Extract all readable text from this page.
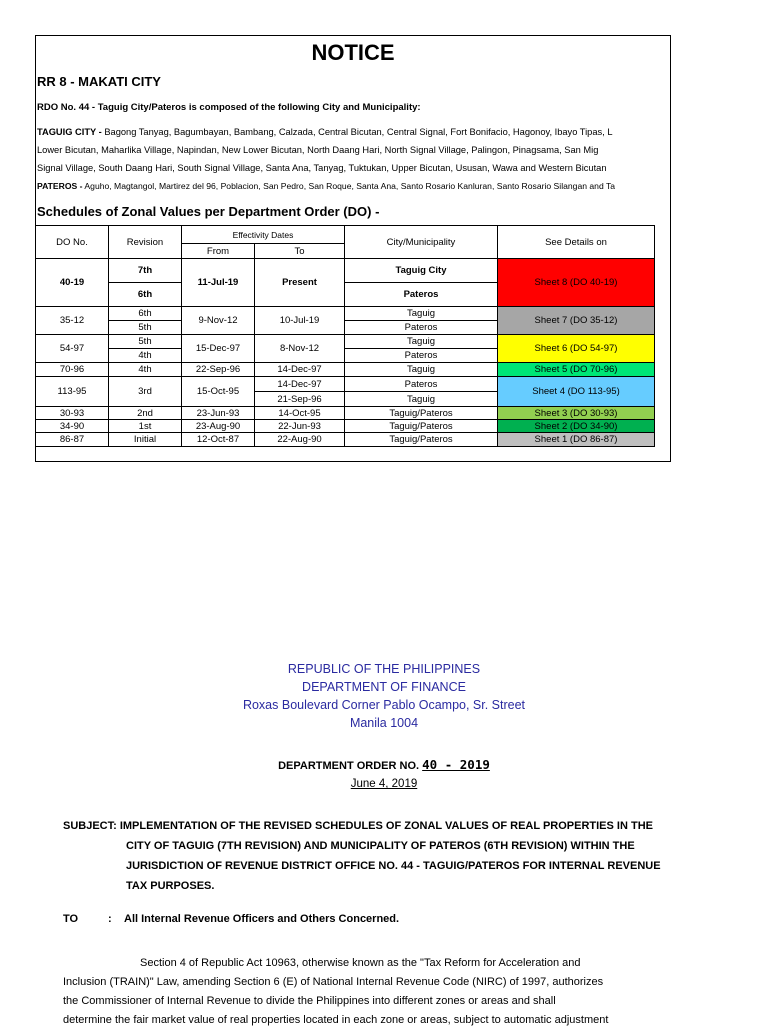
NOTICE
RR 8 - MAKATI CITY
RDO No. 44 - Taguig City/Pateros is composed of the following City and Municipality:
TAGUIG CITY - Bagong Tanyag, Bagumbayan, Bambang, Calzada, Central Bicutan, Central Signal, Fort Bonifacio, Hagonoy, Ibayo Tipas, L
Lower Bicutan, Maharlika Village, Napindan, New Lower Bicutan, North Daang Hari, North Signal Village, Palingon, Pinagsama, San Mig
Signal Village, South Daang Hari, South Signal Village, Santa Ana, Tanyag, Tuktukan, Upper Bicutan, Ususan, Wawa and Western Bicutan
PATEROS - Aguho, Magtangol, Martirez del 96, Poblacion, San Pedro, San Roque, Santa Ana, Santo Rosario Kanluran, Santo Rosario Silangan and Ta
Schedules of Zonal Values per Department Order (DO) -
DO No.	Revision	Effectivity Dates		City/Municipality	See Details on
		From	To		
40-19	7th	11-Jul-19	Present	Taguig City	Sheet 8 (DO 40-19)
	6th			Pateros	
35-12	6th	9-Nov-12	10-Jul-19	Taguig	Sheet 7 (DO 35-12)
	5th			Pateros	
54-97	5th	15-Dec-97	8-Nov-12	Taguig	Sheet 6 (DO 54-97)
	4th			Pateros	
70-96	4th	22-Sep-96	14-Dec-97	Taguig	Sheet 5 (DO 70-96)
113-95	3rd	15-Oct-95	14-Dec-97	Pateros	Sheet 4 (DO 113-95)
			21-Sep-96	Taguig	
30-93	2nd	23-Jun-93	14-Oct-95	Taguig/Pateros	Sheet 3 (DO 30-93)
34-90	1st	23-Aug-90	22-Jun-93	Taguig/Pateros	Sheet 2 (DO 34-90)
86-87	Initial	12-Oct-87	22-Aug-90	Taguig/Pateros	Sheet 1 (DO 86-87)
REPUBLIC OF THE PHILIPPINES
DEPARTMENT OF FINANCE
Roxas Boulevard Corner Pablo Ocampo, Sr. Street
Manila 1004
DEPARTMENT ORDER NO. 40 - 2019
June 4, 2019
SUBJECT: IMPLEMENTATION OF THE REVISED SCHEDULES OF ZONAL VALUES OF REAL PROPERTIES IN THE
CITY OF TAGUIG (7TH REVISION) AND MUNICIPALITY OF PATEROS (6TH REVISION) WITHIN THE
JURISDICTION OF REVENUE DISTRICT OFFICE NO. 44 - TAGUIG/PATEROS FOR INTERNAL REVENUE
TAX PURPOSES.
TO	: All Internal Revenue Officers and Others Concerned.
Section 4 of Republic Act 10963, otherwise known as the "Tax Reform for Acceleration and
Inclusion (TRAIN)" Law, amending Section 6 (E) of National Internal Revenue Code (NIRC) of 1997, authorizes
the Commissioner of Internal Revenue to divide the Philippines into different zones or areas and shall
determine the fair market value of real properties located in each zone or areas, subject to automatic adjustment
